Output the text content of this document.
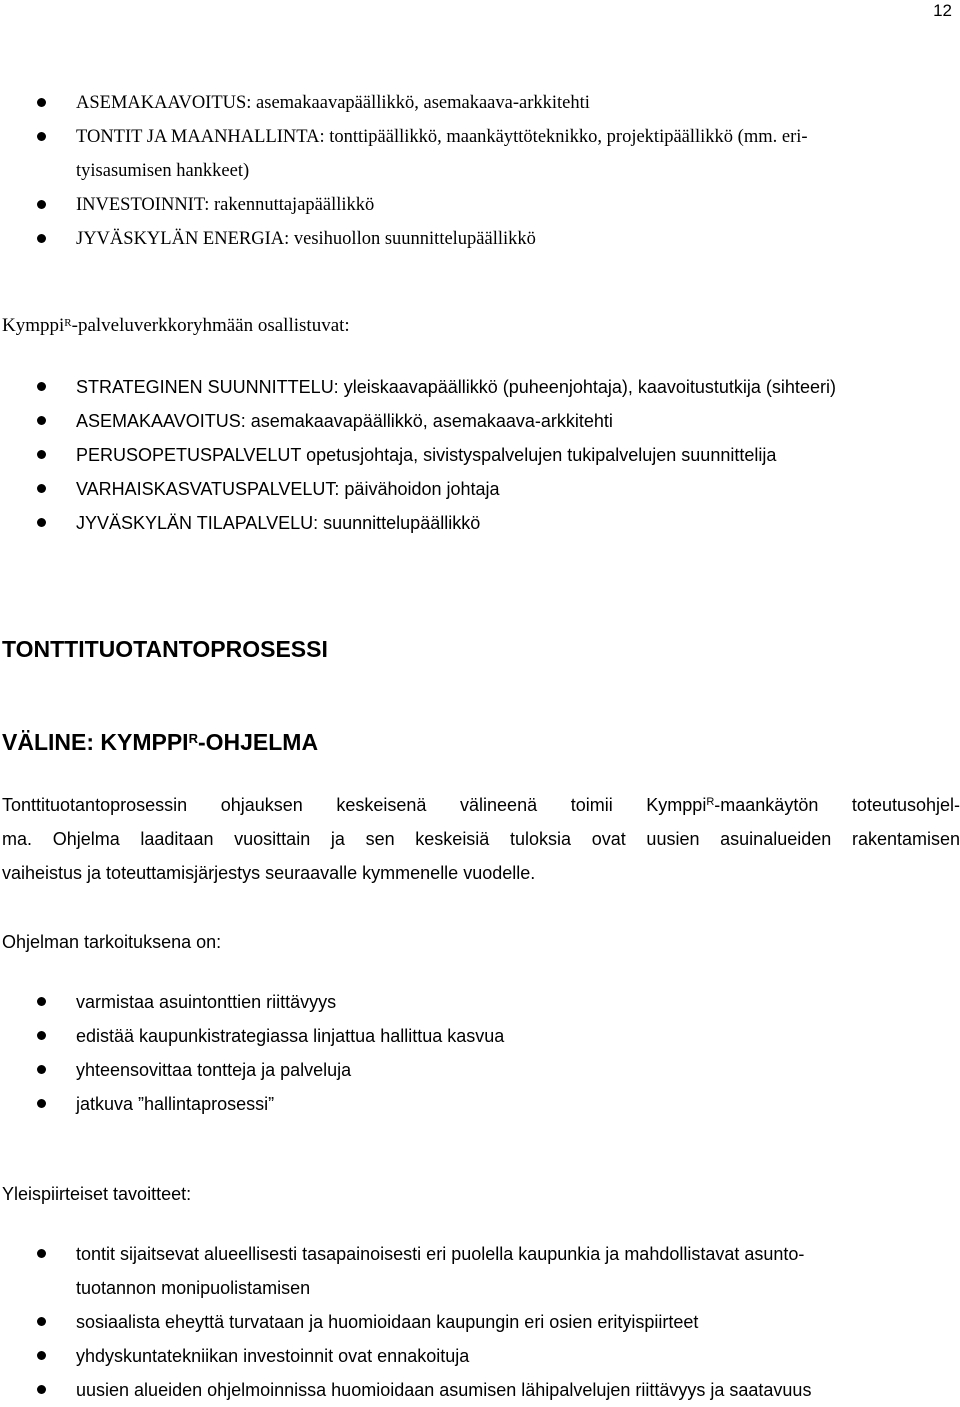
12
ASEMAKAAVOITUS: asemakaavapäällikkö, asemakaava-arkkitehti
TONTIT JA MAANHALLINTA: tonttipäällikkö, maankäyttöteknikko, projektipäällikkö (mm. eri-
tyisasumisen hankkeet)
INVESTOINNIT: rakennuttajapäällikkö
JYVÄSKYLÄN ENERGIA: vesihuollon suunnittelupäällikkö
Kymppi$^R$-palveluverkkoryhmään osallistuvat:
STRATEGINEN SUUNNITTELU: yleiskaavapäällikkö (puheenjohtaja), kaavoitustutkija (sihteeri)
ASEMAKAAVOITUS: asemakaavapäällikkö, asemakaava-arkkitehti
PERUSOPETUSPALVELUT opetusjohtaja, sivistyspalvelujen tukipalvelujen suunnittelija
VARHAISKASVATUSPALVELUT: päivähoidon johtaja
JYVÄSKYLÄN TILAPALVELU: suunnittelupäällikkö
TONTTITUOTANTOPROSESSI
VÄLINE: $KYMPPI^R$-OHJELMA
Tonttituotantoprosessin ohjauksen keskeisenä välineenä toimii Kymppi$^R$-maankäytön toteutusohjel-
ma. Ohjelma laaditaan vuosittain ja sen keskeisiä tuloksia ovat uusien asuinalueiden rakentamisen
vaiheistus ja toteuttamisjärjestys seuraavalle kymmenelle vuodelle.
Ohjelman tarkoituksena on:
varmistaa asuintonttien riittävyys
edistää kaupunkistrategiassa linjattua hallittua kasvua
yhteensovittaa tontteja ja palveluja
jatkuva ”hallintaprosessi”
Yleispiirteiset tavoitteet:
tontit sijaitsevat alueellisesti tasapainoisesti eri puolella kaupunkia ja mahdollistavat asunto-
tuotannon monipuolistamisen
sosiaalista eheyttä turvataan ja huomioidaan kaupungin eri osien erityispiirteet
yhdyskuntatekniikan investoinnit ovat ennakoituja
uusien alueiden ohjelmoinnissa huomioidaan asumisen lähipalvelujen riittävyys ja saatavuus
